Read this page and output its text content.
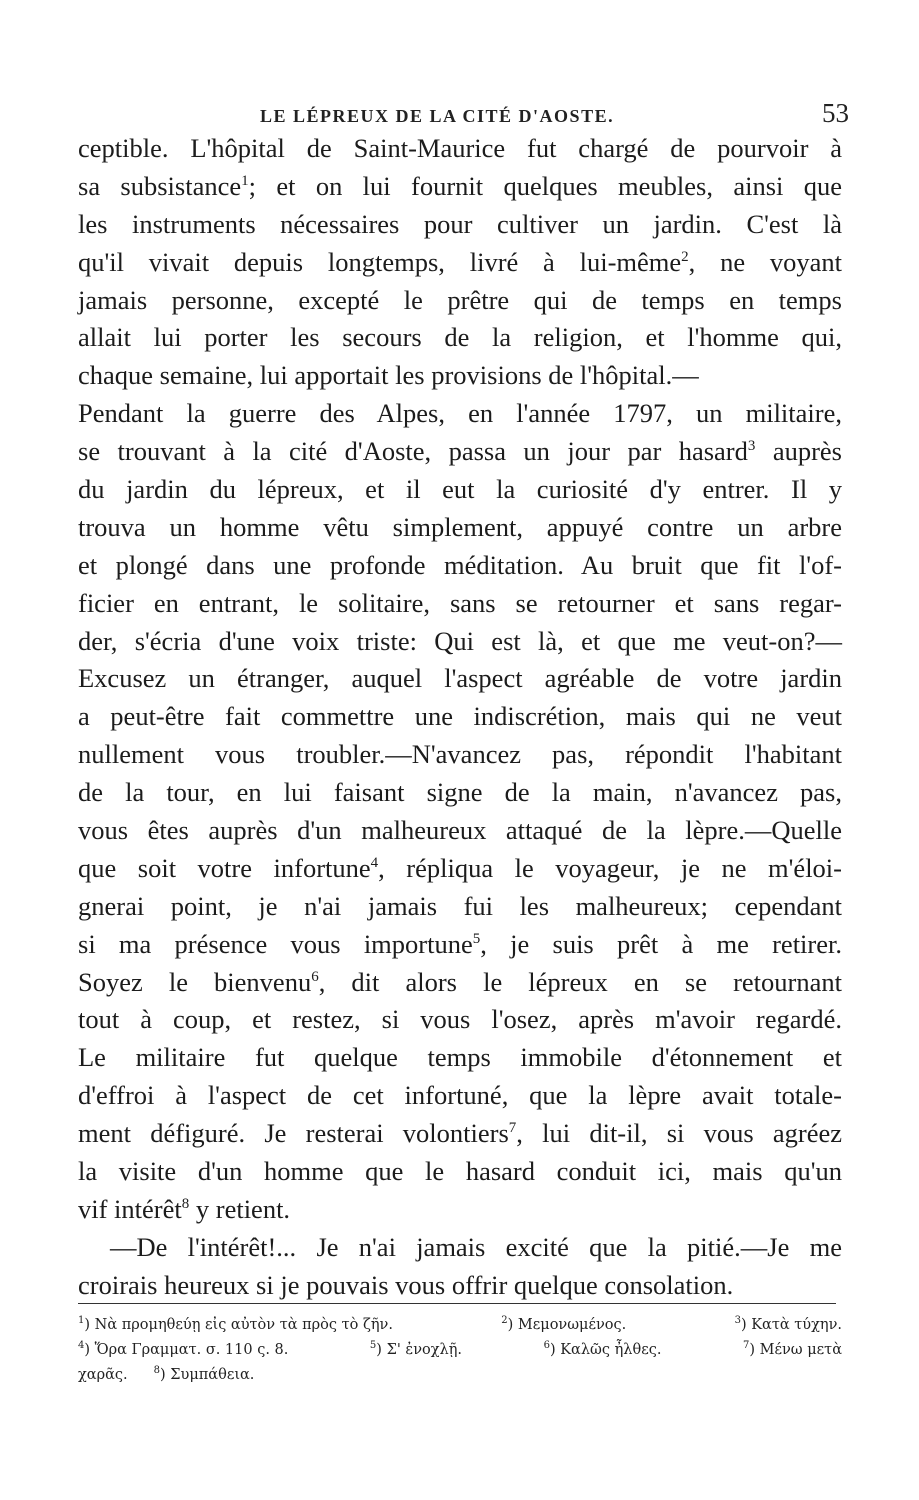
LE LÉPREUX DE LA CITÉ D'AOSTE.	53
ceptible. L'hôpital de Saint-Maurice fut chargé de pourvoir à
sa subsistance$^1$; et on lui fournit quelques meubles, ainsi que
les instruments nécessaires pour cultiver un jardin. C'est là
qu'il vivait depuis longtemps, livré à lui-même$^2$, ne voyant
jamais personne, excepté le prêtre qui de temps en temps
allait lui porter les secours de la religion, et l'homme qui,
chaque semaine, lui apportait les provisions de l'hôpital.—
Pendant la guerre des Alpes, en l'année 1797, un militaire,
se trouvant à la cité d'Aoste, passa un jour par hasard$^3$ auprès
du jardin du lépreux, et il eut la curiosité d'y entrer. Il y
trouva un homme vêtu simplement, appuyé contre un arbre
et plongé dans une profonde méditation. Au bruit que fit l'of-
ficier en entrant, le solitaire, sans se retourner et sans regar-
der, s'écria d'une voix triste: Qui est là, et que me veut-on?—
Excusez un étranger, auquel l'aspect agréable de votre jardin
a peut-être fait commettre une indiscrétion, mais qui ne veut
nullement vous troubler.—N'avancez pas, répondit l'habitant
de la tour, en lui faisant signe de la main, n'avancez pas,
vous êtes auprès d'un malheureux attaqué de la lèpre.—Quelle
que soit votre infortune$^4$, répliqua le voyageur, je ne m'éloi-
gnerai point, je n'ai jamais fui les malheureux; cependant
si ma présence vous importune$^5$, je suis prêt à me retirer.
Soyez le bienvenu$^6$, dit alors le lépreux en se retournant
tout à coup, et restez, si vous l'osez, après m'avoir regardé.
Le militaire fut quelque temps immobile d'étonnement et
d'effroi à l'aspect de cet infortuné, que la lèpre avait totale-
ment défiguré. Je resterai volontiers$^7$, lui dit-il, si vous agréez
la visite d'un homme que le hasard conduit ici, mais qu'un
vif intérêt$^8$ y retient.
—De l'intérêt!... Je n'ai jamais excité que la pitié.—Je me
croirais heureux si je pouvais vous offrir quelque consolation.
$^1$) Νὰ προμηθεύῃ εἰς αὐτὸν τὰ πρὸς τὸ ζῆν.	$^2$) Μεμονωμένος.	$^3$) Κατὰ τύχην.
$^4$) Ὅρα Γραμματ. σ. 110 ς. 8.	$^5$) Σ' ἐνοχλῇ.	$^6$) Καλῶς ἦλθες.	$^7$) Μένω μετὰ
χαρᾶς.	$^8$) Συμπάθεια.
